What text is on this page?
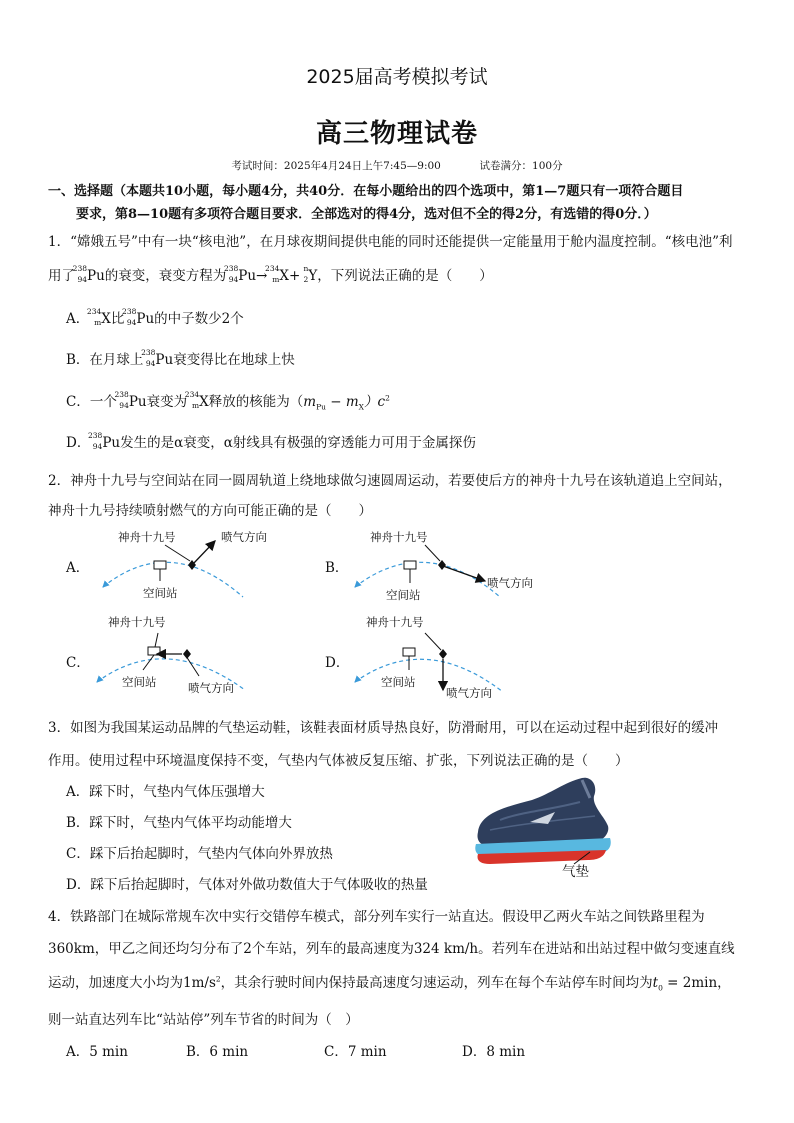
2025届高考模拟考试
高三物理试卷
考试时间：2025年4月24日上午7:45—9:00	试卷满分：100分
一、选择题（本题共10小题，每小题4分，共40分．在每小题给出的四个选项中，第1—7题只有一项符合题目
要求，第8—10题有多项符合题目要求．全部选对的得4分，选对但不全的得2分，有选错的得0分．）
1．“嫦娥五号”中有一块“核电池”，在月球夜期间提供电能的同时还能提供一定能量用于舱内温度控制。“核电池”利
用了
238
94 Pu的衰变，衰变方程为
238
94 Pu→
234
m X+ n
2 Y，下列说法正确的是（　　）
A．
234
m X比
238
94 Pu的中子数少2个
B．在月球上
238
94 Pu衰变得比在地球上快
C．一个
238
94 Pu衰变为
234
m X释放的核能为$(m_{Pu} - m_X)c^2$
D．
238
94 Pu发生的是α衰变，α射线具有极强的穿透能力可用于金属探伤
2．神舟十九号与空间站在同一圆周轨道上绕地球做匀速圆周运动，若要使后方的神舟十九号在该轨道追上空间站，
神舟十九号持续喷射燃气的方向可能正确的是（　　）
A．	B．
C．	D．
神舟十九号	喷气方向
空间站
神舟十九号
喷气方向
空间站
神舟十九号
空间站	喷气方向
神舟十九号
空间站
喷气方向
3．如图为我国某运动品牌的气垫运动鞋，该鞋表面材质导热良好，防滑耐用，可以在运动过程中起到很好的缓冲
作用。使用过程中环境温度保持不变，气垫内气体被反复压缩、扩张，下列说法正确的是（　　）
A．踩下时，气垫内气体压强增大
B．踩下时，气垫内气体平均动能增大
C．踩下后抬起脚时，气垫内气体向外界放热
D．踩下后抬起脚时，气体对外做功数值大于气体吸收的热量
气垫
4．铁路部门在城际常规车次中实行交错停车模式，部分列车实行一站直达。假设甲乙两火车站之间铁路里程为
360km，甲乙之间还均匀分布了2个车站，列车的最高速度为324 km/h。若列车在进站和出站过程中做匀变速直线
运动，加速度大小均为$1m/s^2$，其余行驶时间内保持最高速度匀速运动，列车在每个车站停车时间均为$t_0 = 2\min$，
则一站直达列车比“站站停”列车节省的时间为（　）
A．5 min	B．6 min	C．7 min	D．8 min
